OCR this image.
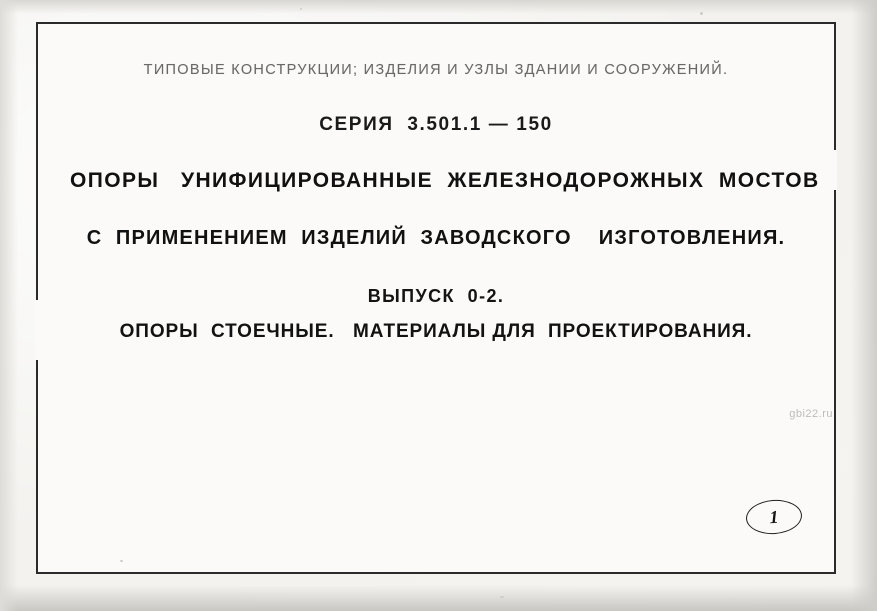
ТИПОВЫЕ КОНСТРУКЦИИ; ИЗДЕЛИЯ И УЗЛЫ ЗДАНИИ И СООРУЖЕНИЙ.
СЕРИЯ  3.501.1 — 150
ОПОРЫ   УНИФИЦИРОВАННЫЕ  ЖЕЛЕЗНОДОРОЖНЫХ  МОСТОВ
С  ПРИМЕНЕНИЕМ  ИЗДЕЛИЙ  ЗАВОДСКОГО    ИЗГОТОВЛЕНИЯ.
ВЫПУСК  0-2.
ОПОРЫ  СТОЕЧНЫЕ.   МАТЕРИАЛЫ ДЛЯ  ПРОЕКТИРОВАНИЯ.
gbi22.ru
1
